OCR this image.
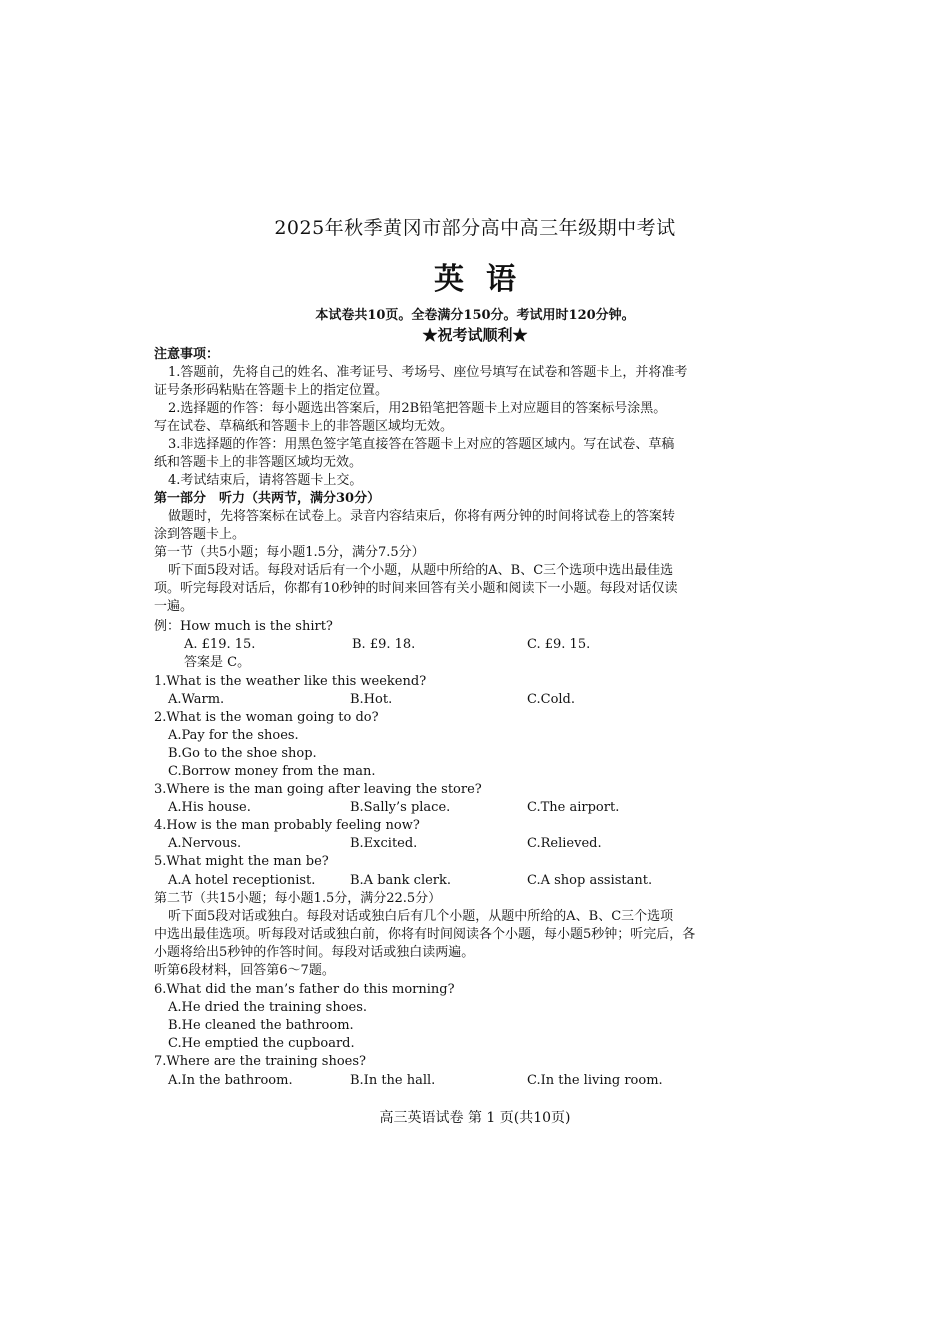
2025年秋季黄冈市部分高中高三年级期中考试
英语
本试卷共10页。全卷满分150分。考试用时120分钟。
★祝考试顺利★
注意事项：
1.答题前，先将自己的姓名、准考证号、考场号、座位号填写在试卷和答题卡上，并将准考
证号条形码粘贴在答题卡上的指定位置。
2.选择题的作答：每小题选出答案后，用2B铅笔把答题卡上对应题目的答案标号涂黑。
写在试卷、草稿纸和答题卡上的非答题区域均无效。
3.非选择题的作答：用黑色签字笔直接答在答题卡上对应的答题区域内。写在试卷、草稿
纸和答题卡上的非答题区域均无效。
4.考试结束后，请将答题卡上交。
第一部分　听力（共两节，满分30分）
做题时，先将答案标在试卷上。录音内容结束后，你将有两分钟的时间将试卷上的答案转
涂到答题卡上。
第一节（共5小题；每小题1.5分，满分7.5分）
听下面5段对话。每段对话后有一个小题，从题中所给的A、B、C三个选项中选出最佳选
项。听完每段对话后，你都有10秒钟的时间来回答有关小题和阅读下一小题。每段对话仅读
一遍。
例：How much is the shirt?
A. £19. 15.	B. £9. 18.	C. £9. 15.
答案是 C。
1.What is the weather like this weekend?
A.Warm.	B.Hot.	C.Cold.
2.What is the woman going to do?
A.Pay for the shoes.
B.Go to the shoe shop.
C.Borrow money from the man.
3.Where is the man going after leaving the store?
A.His house.	B.Sally’s place.	C.The airport.
4.How is the man probably feeling now?
A.Nervous.	B.Excited.	C.Relieved.
5.What might the man be?
A.A hotel receptionist.	B.A bank clerk.	C.A shop assistant.
第二节（共15小题；每小题1.5分，满分22.5分）
听下面5段对话或独白。每段对话或独白后有几个小题，从题中所给的A、B、C三个选项
中选出最佳选项。听每段对话或独白前，你将有时间阅读各个小题，每小题5秒钟；听完后，各
小题将给出5秒钟的作答时间。每段对话或独白读两遍。
听第6段材料，回答第6～7题。
6.What did the man’s father do this morning?
A.He dried the training shoes.
B.He cleaned the bathroom.
C.He emptied the cupboard.
7.Where are the training shoes?
A.In the bathroom.	B.In the hall.	C.In the living room.
高三英语试卷 第 1 页(共10页)
